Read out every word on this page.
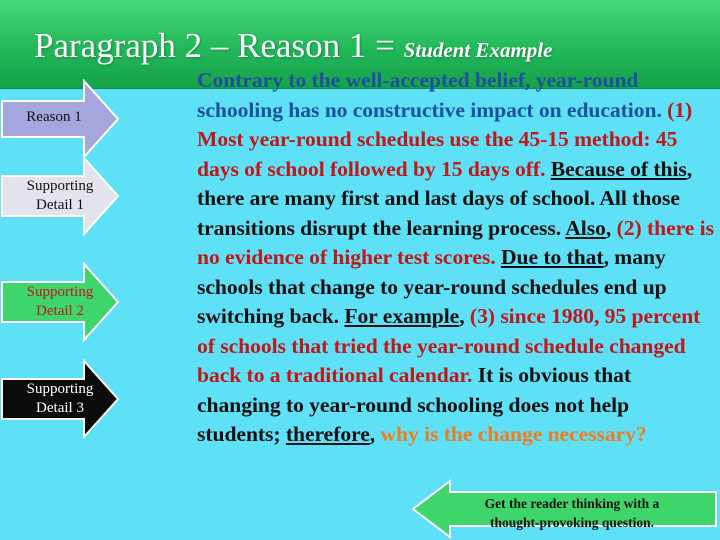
Paragraph 2 – Reason 1 = Student Example
Reason 1
Supporting
Detail 1
Supporting
Detail 2
Supporting
Detail 3
Contrary to the well-accepted belief, year-round schooling has no constructive impact on education. (1) Most year-round schedules use the 45-15 method: 45 days of school followed by 15 days off. Because of this, there are many first and last days of school. All those transitions disrupt the learning process. Also, (2) there is no evidence of higher test scores. Due to that, many schools that change to year-round schedules end up switching back. For example, (3) since 1980, 95 percent of schools that tried the year-round schedule changed back to a traditional calendar. It is obvious that changing to year-round schooling does not help students; therefore, why is the change necessary?
Get the reader thinking with a
thought-provoking question.
